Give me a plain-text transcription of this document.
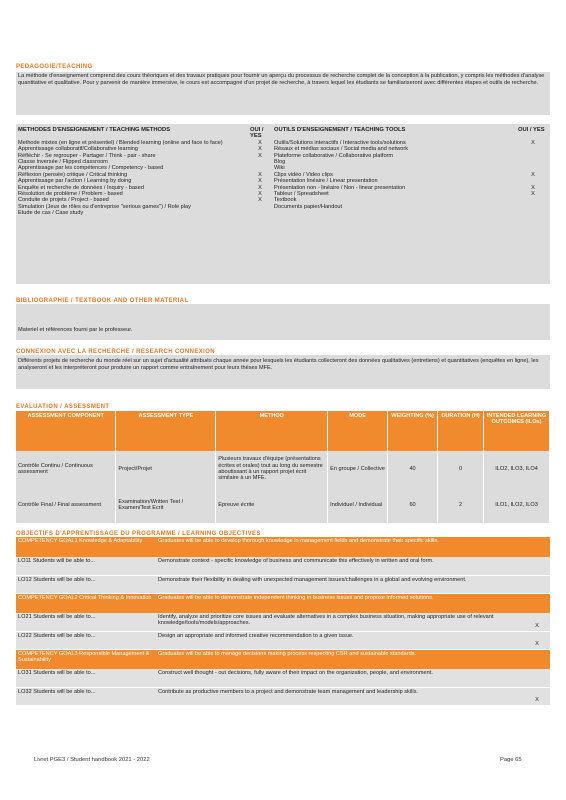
PEDAGOGIE/TEACHING
La méthode d'enseignement comprend des cours théoriques et des travaux pratiques pour fournir un aperçu du processus de recherche complet de la conception à la publication, y compris les méthodes d'analyse quantitative et qualitative. Pour y parvenir de manière immersive, le cours est accompagné d'un projet de recherche, à travers lequel les étudiants se familiariseront avec différentes étapes et outils de recherche.
METHODES D'ENSEIGNEMENT / TEACHING METHODS	OUI / YES	OUTILS D'ENSEIGNEMENT / TEACHING TOOLS	OUI / YES
Methode mixtes (en ligne et présentiel) / Blended learning (online and face to face)	X	Outils/Solutions interactifs / Interactive tools/solutions	X
Apprentissage collaboratif/Collaborative learning	X	Résaux et médias sociaux / Social media and network	
Réfléchir - Se regrouper - Partager / Think - pair - share	X	Plateforme collaborative / Collaborative platform	
Classe inversée / Flipped classroom		Blog	
Apprentissage par les compétences / Competency - based		Wiki	
Réflexion (pensée) critique / Critical thinking	X	Clips vidéo / Video clips	X
Apprentissage par l'action / Learning by doing	X	Présentation linéaire / Linear presentation	
Enquête et recherche de données / Inquiry - based	X	Présentation non - linéaire / Non - linear presentation	X
Résolution de problème / Problem - based	X	Tableur / Spreadsheet	X
Conduite de projets / Project - based	X	Textbook	
Simulation (Jeux de rôles ou d'entreprise "serious games") / Role play		Documents papier/Handout	
Etude de cas / Case study			
BIBLIOGRAPHIE / TEXTBOOK AND OTHER MATERIAL
Materiel et références fourni par le professeur.
CONNEXION AVEC LA RECHERCHE / RESEARCH CONNEXION
Différents projets de recherche du monde réel sur un sujet d'actualité attribués chaque année pour lesquels les étudiants collecteront des données qualitatives (entretiens) et quantitatives (enquêtes en ligne), les analyseront et les interpréteront pour produire un rapport comme entraînement pour leurs thèses MFE.
EVALUATION / ASSESSMENT
ASSESSMENT COMPONENT	ASSESSMENT TYPE	METHOD	MODE	WEIGHTING (%)	DURATION (H)	INTENDED LEARNING OUTCOMES (ILOs)
Contrôle Continu / Continuous assessment	Project/Projet	Plusieurs travaux d'équipe (présentations écrites et orales) tout au long du semestre aboutissant à un rapport projet écrit similaire à un MFE.	En groupe / Collective	40	0	ILO2, ILO3, ILO4
Contrôle Final / Final assessment	Examination/Written Test / Examen/Test Ecrit	Epreuve écrite	Individuel / Individual	60	2	ILO1, ILO2, ILO3
OBJECTIFS D'APPRENTISSAGE DU PROGRAMME / LEARNING OBJECTIVES
COMPETENCY GOAL1 Knowledge & Adaptability	Graduates will be able to develop thorough knowledge in management fields and demonstrate their specific skills.	
LO11 Students will be able to...	Demonstrate context - specific knowledge of business and communicate this effectively in written and oral form.	
LO12 Students will be able to...	Demonstrate their flexibility in dealing with unexpected management issues/challenges in a global and evolving environment.	
COMPETENCY GOAL2 Critical Thinking & Innovation	Graduates will be able to demonstrate independent thinking in business issues and propose informed solutions.	
LO21 Students will be able to...	Identify, analyze and prioritize core issues and evaluate alternatives in a complex business situation, making appropriate use of relevant knowledge/tools/models/approaches.	X
LO22 Students will be able to...	Design an appropriate and informed creative recommendation to a given issue.	X
COMPETENCY GOAL3 Responsible Management & Sustainability	Graduates will be able to manage decisions making process respecting CSR and sustainable standards.	
LO31 Students will be able to...	Construct well thought - out decisions, fully aware of their impact on the organization, people, and environment.	
LO32 Students will be able to...	Contribute as productive members to a project and demonstrate team management and leadership skills.	X
Livret PGE3 / Student handbook 2021 - 2022	Page 65
